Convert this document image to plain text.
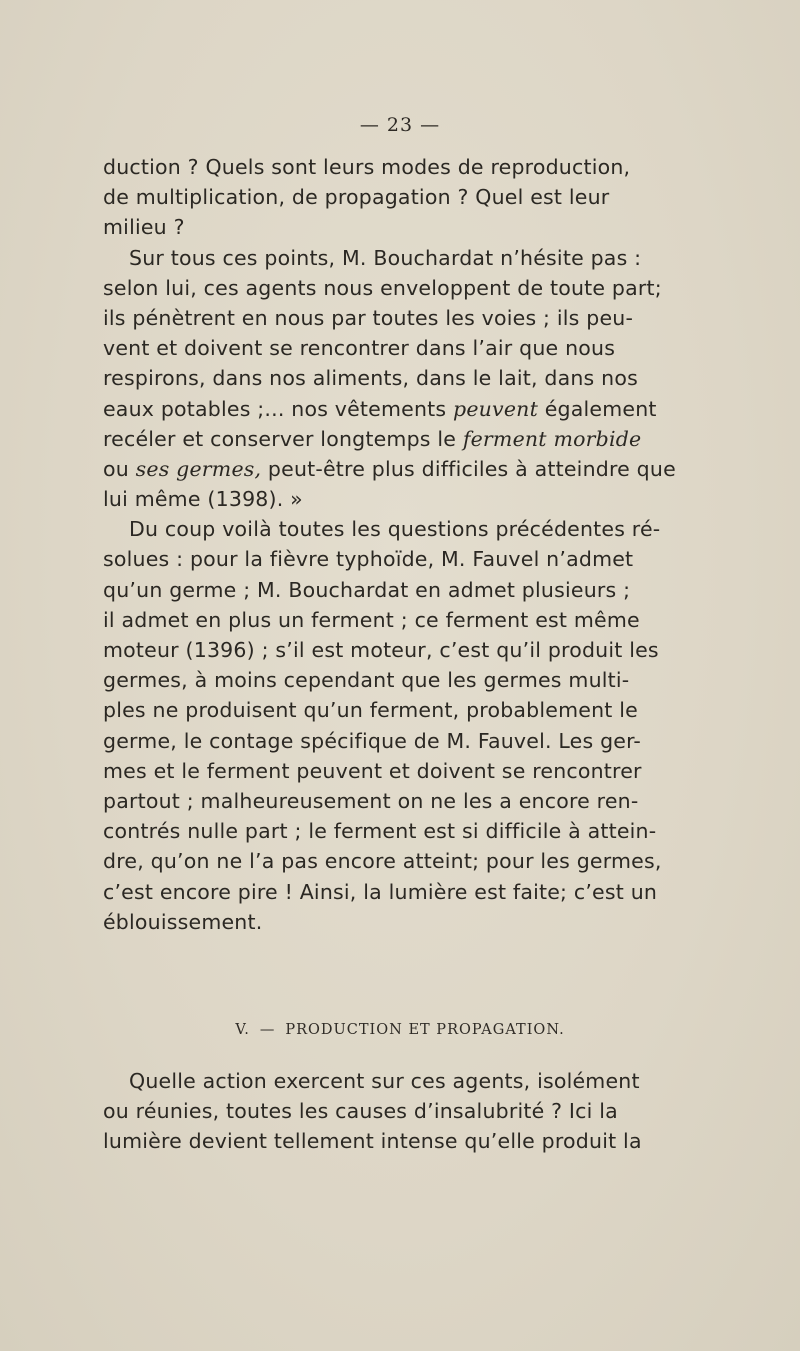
— 23 —
duction ? Quels sont leurs modes de reproduction,
de multiplication, de propagation ? Quel est leur
milieu ?
Sur tous ces points, M. Bouchardat n’hésite pas :
selon lui, ces agents nous enveloppent de toute part;
ils pénètrent en nous par toutes les voies ; ils peu-
vent et doivent se rencontrer dans l’air que nous
respirons, dans nos aliments, dans le lait, dans nos
eaux potables ;... nos vêtements peuvent également
recéler et conserver longtemps le ferment morbide
ou ses germes, peut-être plus difficiles à atteindre que
lui même (1398). »
Du coup voilà toutes les questions précédentes ré-
solues : pour la fièvre typhoïde, M. Fauvel n’admet
qu’un germe ; M. Bouchardat en admet plusieurs ;
il admet en plus un ferment ; ce ferment est même
moteur (1396) ; s’il est moteur, c’est qu’il produit les
germes, à moins cependant que les germes multi-
ples ne produisent qu’un ferment, probablement le
germe, le contage spécifique de M. Fauvel. Les ger-
mes et le ferment peuvent et doivent se rencontrer
partout ; malheureusement on ne les a encore ren-
contrés nulle part ; le ferment est si difficile à attein-
dre, qu’on ne l’a pas encore atteint; pour les germes,
c’est encore pire ! Ainsi, la lumière est faite; c’est un
éblouissement.
V. — PRODUCTION ET PROPAGATION.
Quelle action exercent sur ces agents, isolément
ou réunies, toutes les causes d’insalubrité ? Ici la
lumière devient tellement intense qu’elle produit la
